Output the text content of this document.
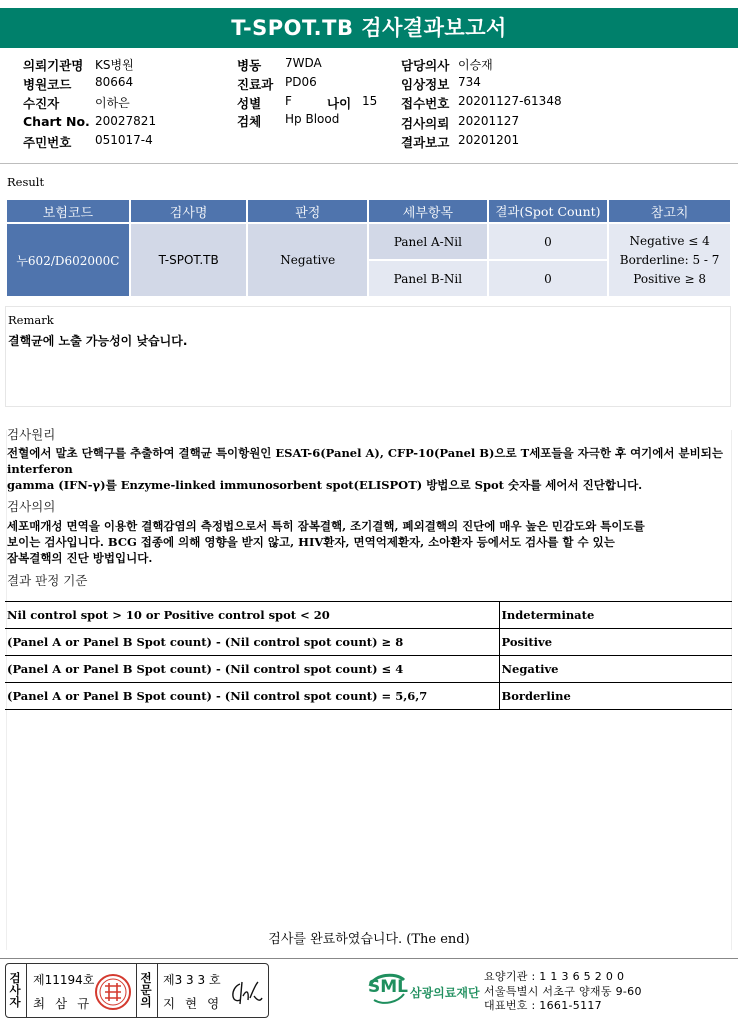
T-SPOT.TB 검사결과보고서
의뢰기관명 KS병원	병동 7WDA	담당의사 이승재
병원코드 80664	진료과 PD06	임상정보 734
수진자	이하은	성별 F	나이 15 접수번호 20201127-61348
Chart No. 20027821	검체 Hp Blood	검사의뢰 20201127
주민번호 051017-4	결과보고 20201201
Result
보험코드	검사명	판정	세부항목	결과(Spot Count)	참고치
누602/D602000C	T-SPOT.TB	Negative	Panel A-Nil	0	Negative ≤ 4
Borderline: 5 - 7
Positive ≥ 8

			Panel B-Nil	0	
Remark
결핵균에 노출 가능성이 낮습니다.
검사원리
전혈에서 말초 단핵구를 추출하여 결핵균 특이항원인 ESAT-6(Panel A), CFP-10(Panel B)으로 T세포들을 자극한 후 여기에서 분비되는
interferon
gamma (IFN-γ)를 Enzyme-linked immunosorbent spot(ELISPOT) 방법으로 Spot 숫자를 세어서 진단합니다.
검사의의
세포매개성 면역을 이용한 결핵감염의 측정법으로서 특히 잠복결핵, 조기결핵, 폐외결핵의 진단에 매우 높은 민감도와 특이도를
보이는 검사입니다. BCG 접종에 의해 영향을 받지 않고, HIV환자, 면역억제환자, 소아환자 등에서도 검사를 할 수 있는
잠복결핵의 진단 방법입니다.
결과 판정 기준
Nil control spot > 10 or Positive control spot < 20	Indeterminate
(Panel A or Panel B Spot count) - (Nil control spot count) ≥ 8	Positive
(Panel A or Panel B Spot count) - (Nil control spot count) ≤ 4	Negative
(Panel A or Panel B Spot count) - (Nil control spot count) = 5,6,7	Borderline
검사를 완료하였습니다. (The end)
검
사
자
제11194호
최 삼 규
전
문
의
제3 3 3 호
지 현 영
SML 삼광의료재단
요양기관 : 1 1 3 6 5 2 0 0
서울특별시 서초구 양재동 9-60
대표번호 : 1661-5117
